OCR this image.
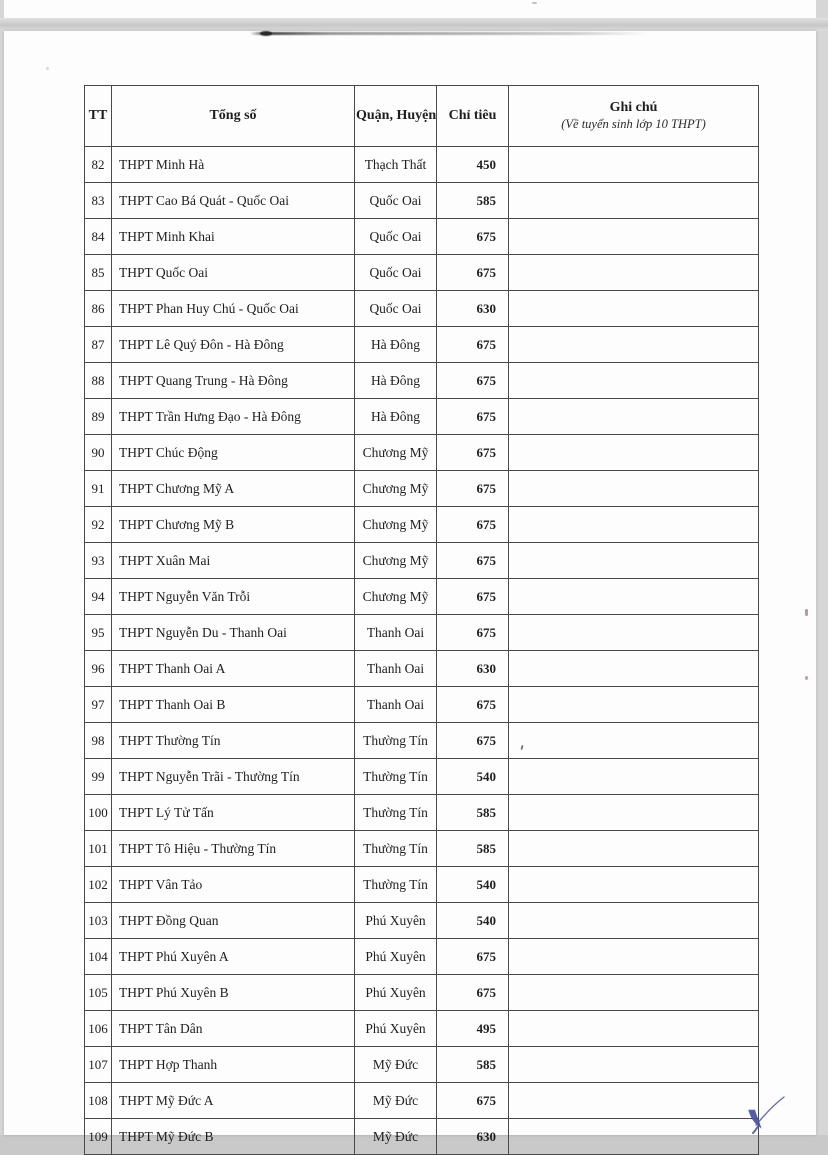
TT	Tổng số	Quận, Huyện	Chỉ tiêu	Ghi chú
(Về tuyển sinh lớp 10 THPT)

82	THPT Minh Hà	Thạch Thất	450	
83	THPT Cao Bá Quát - Quốc Oai	Quốc Oai	585	
84	THPT Minh Khai	Quốc Oai	675	
85	THPT Quốc Oai	Quốc Oai	675	
86	THPT Phan Huy Chú - Quốc Oai	Quốc Oai	630	
87	THPT Lê Quý Đôn - Hà Đông	Hà Đông	675	
88	THPT Quang Trung - Hà Đông	Hà Đông	675	
89	THPT Trần Hưng Đạo - Hà Đông	Hà Đông	675	
90	THPT Chúc Động	Chương Mỹ	675	
91	THPT Chương Mỹ A	Chương Mỹ	675	
92	THPT Chương Mỹ B	Chương Mỹ	675	
93	THPT Xuân Mai	Chương Mỹ	675	
94	THPT Nguyễn Văn Trỗi	Chương Mỹ	675	
95	THPT Nguyễn Du - Thanh Oai	Thanh Oai	675	
96	THPT Thanh Oai A	Thanh Oai	630	
97	THPT Thanh Oai B	Thanh Oai	675	
98	THPT Thường Tín	Thường Tín	675	
99	THPT Nguyễn Trãi - Thường Tín	Thường Tín	540	
100	THPT Lý Tử Tấn	Thường Tín	585	
101	THPT Tô Hiệu - Thường Tín	Thường Tín	585	
102	THPT Vân Tảo	Thường Tín	540	
103	THPT Đồng Quan	Phú Xuyên	540	
104	THPT Phú Xuyên A	Phú Xuyên	675	
105	THPT Phú Xuyên B	Phú Xuyên	675	
106	THPT Tân Dân	Phú Xuyên	495	
107	THPT Hợp Thanh	Mỹ Đức	585	
108	THPT Mỹ Đức A	Mỹ Đức	675	
109	THPT Mỹ Đức B	Mỹ Đức	630	
